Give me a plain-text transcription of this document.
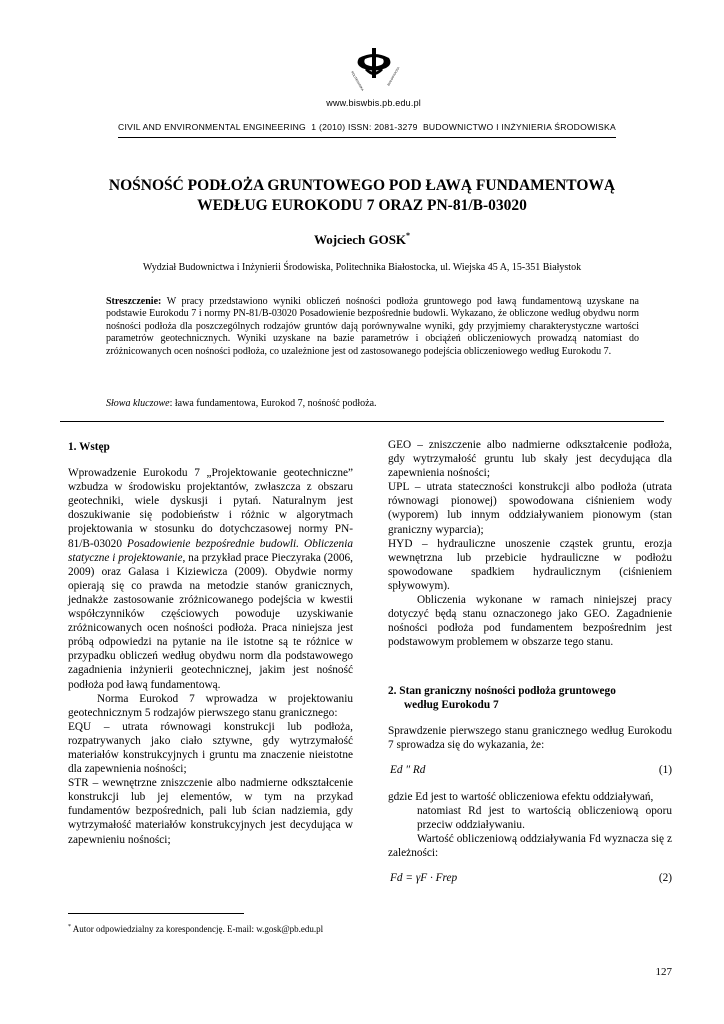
POLITECHNIKA	BIAŁOSTOCKA
www.biswbis.pb.edu.pl
CIVIL AND ENVIRONMENTAL ENGINEERING 1 (2010) ISSN: 2081-3279 BUDOWNICTWO I INŻYNIERIA ŚRODOWISKA
NOŚNOŚĆ PODŁOŻA GRUNTOWEGO POD ŁAWĄ FUNDAMENTOWĄ
WEDŁUG EUROKODU 7 ORAZ PN-81/B-03020
Wojciech GOSK*
Wydział Budownictwa i Inżynierii Środowiska, Politechnika Białostocka, ul. Wiejska 45 A, 15-351 Białystok
Streszczenie: W pracy przedstawiono wyniki obliczeń nośności podłoża gruntowego pod ławą fundamentową uzyskane na podstawie Eurokodu 7 i normy PN-81/B-03020 Posadowienie bezpośrednie budowli. Wykazano, że obliczone według obydwu norm nośności podłoża dla poszczególnych rodzajów gruntów dają porównywalne wyniki, gdy przyjmiemy charakterystyczne wartości parametrów geotechnicznych. Wyniki uzyskane na bazie parametrów i obciążeń obliczeniowych prowadzą natomiast do zróżnicowanych ocen nośności podłoża, co uzależnione jest od zastosowanego podejścia obliczeniowego według Eurokodu 7.
Słowa kluczowe: ława fundamentowa, Eurokod 7, nośność podłoża.

1. Wstęp

Wprowadzenie Eurokodu 7 „Projektowanie geotechniczne” wzbudza w środowisku projektantów, zwłaszcza z obszaru geotechniki, wiele dyskusji i pytań. Naturalnym jest doszukiwanie się podobieństw i różnic w algorytmach projektowania w stosunku do dotychczasowej normy PN-81/B-03020 Posadowienie bezpośrednie budowli. Obliczenia statyczne i projektowanie, na przykład prace Pieczyraka (2006, 2009) oraz Galasa i Kiziewicza (2009). Obydwie normy opierają się co prawda na metodzie stanów granicznych, jednakże zastosowanie zróżnicowanego podejścia w kwestii współczynników częściowych powoduje uzyskiwanie zróżnicowanych ocen nośności podłoża. Praca niniejsza jest próbą odpowiedzi na pytanie na ile istotne są te różnice w przypadku obliczeń według obydwu norm dla podstawowego zagadnienia inżynierii geotechnicznej, jakim jest nośność podłoża pod ławą fundamentową.

Norma Eurokod 7 wprowadza w projektowaniu geotechnicznym 5 rodzajów pierwszego stanu granicznego:

EQU – utrata równowagi konstrukcji lub podłoża, rozpatrywanych jako ciało sztywne, gdy wytrzymałość materiałów konstrukcyjnych i gruntu ma znaczenie nieistotne dla zapewnienia nośności;

STR – wewnętrzne zniszczenie albo nadmierne odkształcenie konstrukcji lub jej elementów, w tym na przykad fundamentów bezpośrednich, pali lub ścian nadziemia, gdy wytrzymałość materiałów konstrukcyjnych jest decydująca w zapewnieniu nośności;

GEO – zniszczenie albo nadmierne odkształcenie podłoża, gdy wytrzymałość gruntu lub skały jest decydująca dla zapewnienia nośności;

UPL – utrata stateczności konstrukcji albo podłoża (utrata równowagi pionowej) spowodowana ciśnieniem wody (wyporem) lub innym oddziaływaniem pionowym (stan graniczny wyparcia);

HYD – hydrauliczne unoszenie cząstek gruntu, erozja wewnętrzna lub przebicie hydrauliczne w podłożu spowodowane spadkiem hydraulicznym (ciśnieniem spływowym).

Obliczenia wykonane w ramach niniejszej pracy dotyczyć będą stanu oznaczonego jako GEO. Zagadnienie nośności podłoża pod fundamentem bezpośrednim jest podstawowym problemem w obszarze tego stanu.

2. Stan graniczny nośności podłoża gruntowego
według Eurokodu 7

Sprawdzenie pierwszego stanu granicznego według Eurokodu 7 sprowadza się do wykazania, że:

Ed ″ Rd	(1)

gdzie Ed jest to wartość obliczeniowa efektu oddziaływań,

natomiast Rd jest to wartością obliczeniową oporu przeciw oddziaływaniu.

Wartość obliczeniową oddziaływania Fd wyznacza się z zależności:

Fd = γF · Frep	(2)
* Autor odpowiedzialny za korespondencję. E-mail: w.gosk@pb.edu.pl
127
